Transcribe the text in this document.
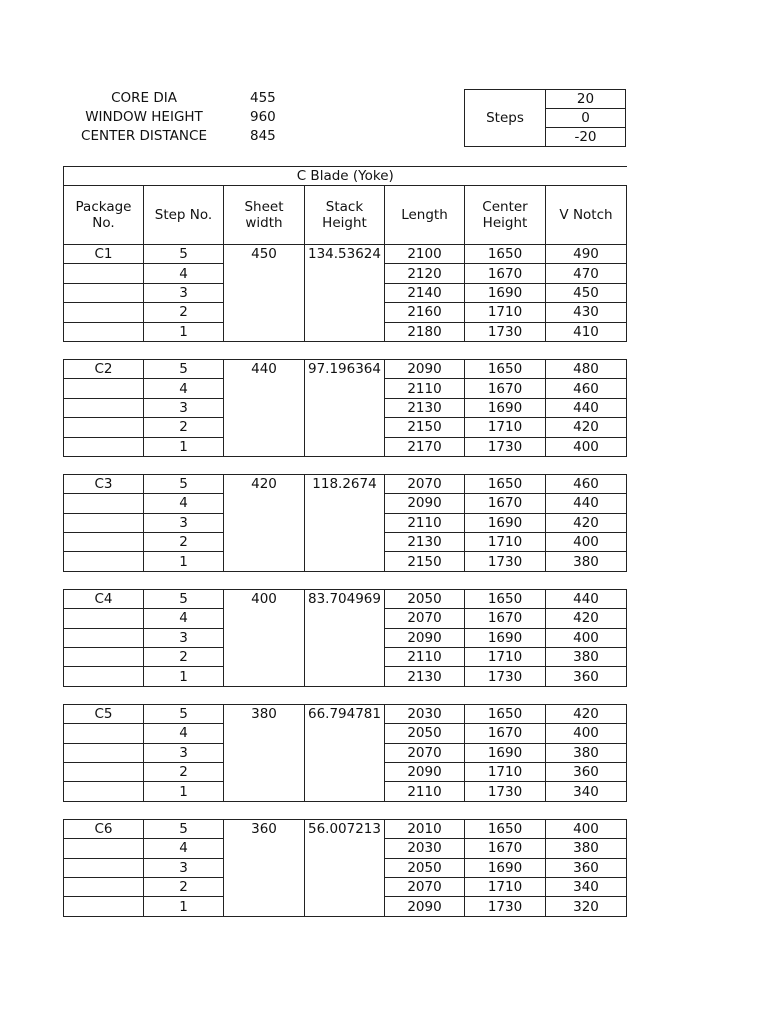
CORE DIA	455
WINDOW HEIGHT	960
CENTER DISTANCE	845
Steps	20
0
-20
C Blade (Yoke)						
Package No.	Step No.	Sheet width	Stack Height	Length	Center Height	V Notch
C1	5	450	134.53624	2100	1650	490
	4			2120	1670	470
	3			2140	1690	450
	2			2160	1710	430
	1			2180	1730	410

C2	5	440	97.196364	2090	1650	480
	4			2110	1670	460
	3			2130	1690	440
	2			2150	1710	420
	1			2170	1730	400

C3	5	420	118.2674	2070	1650	460
	4			2090	1670	440
	3			2110	1690	420
	2			2130	1710	400
	1			2150	1730	380

C4	5	400	83.704969	2050	1650	440
	4			2070	1670	420
	3			2090	1690	400
	2			2110	1710	380
	1			2130	1730	360

C5	5	380	66.794781	2030	1650	420
	4			2050	1670	400
	3			2070	1690	380
	2			2090	1710	360
	1			2110	1730	340

C6	5	360	56.007213	2010	1650	400
	4			2030	1670	380
	3			2050	1690	360
	2			2070	1710	340
	1			2090	1730	320
